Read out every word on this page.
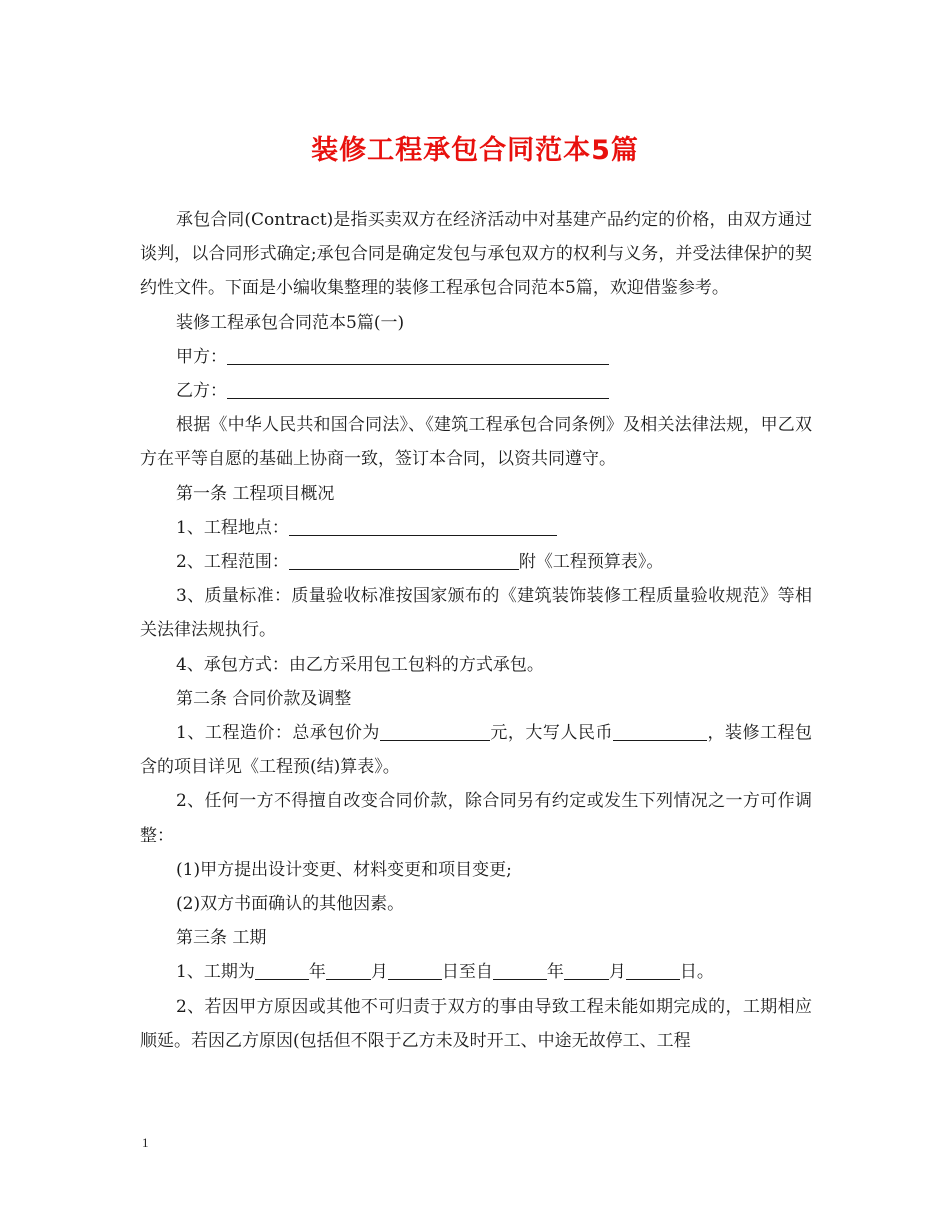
装修工程承包合同范本5篇

承包合同(Contract)是指买卖双方在经济活动中对基建产品约定的价格，由双方通过谈判，以合同形式确定;承包合同是确定发包与承包双方的权利与义务，并受法律保护的契约性文件。下面是小编收集整理的装修工程承包合同范本5篇，欢迎借鉴参考。

装修工程承包合同范本5篇(一)

甲方：

乙方：

根据《中华人民共和国合同法》、《建筑工程承包合同条例》及相关法律法规，甲乙双方在平等自愿的基础上协商一致，签订本合同，以资共同遵守。

第一条 工程项目概况

1、工程地点：

2、工程范围：	附《工程预算表》。

3、质量标准：质量验收标准按国家颁布的《建筑装饰装修工程质量验收规范》等相关法律法规执行。

4、承包方式：由乙方采用包工包料的方式承包。

第二条 合同价款及调整

1、工程造价：总承包价为	元，大写人民币	，装修工程包含的项目详见《工程预(结)算表》。

2、任何一方不得擅自改变合同价款，除合同另有约定或发生下列情况之一方可作调整：

(1)甲方提出设计变更、材料变更和项目变更;

(2)双方书面确认的其他因素。

第三条 工期

1、工期为	年	月	日至自	年	月	日。

2、若因甲方原因或其他不可归责于双方的事由导致工程未能如期完成的，工期相应顺延。若因乙方原因(包括但不限于乙方未及时开工、中途无故停工、工程

1
